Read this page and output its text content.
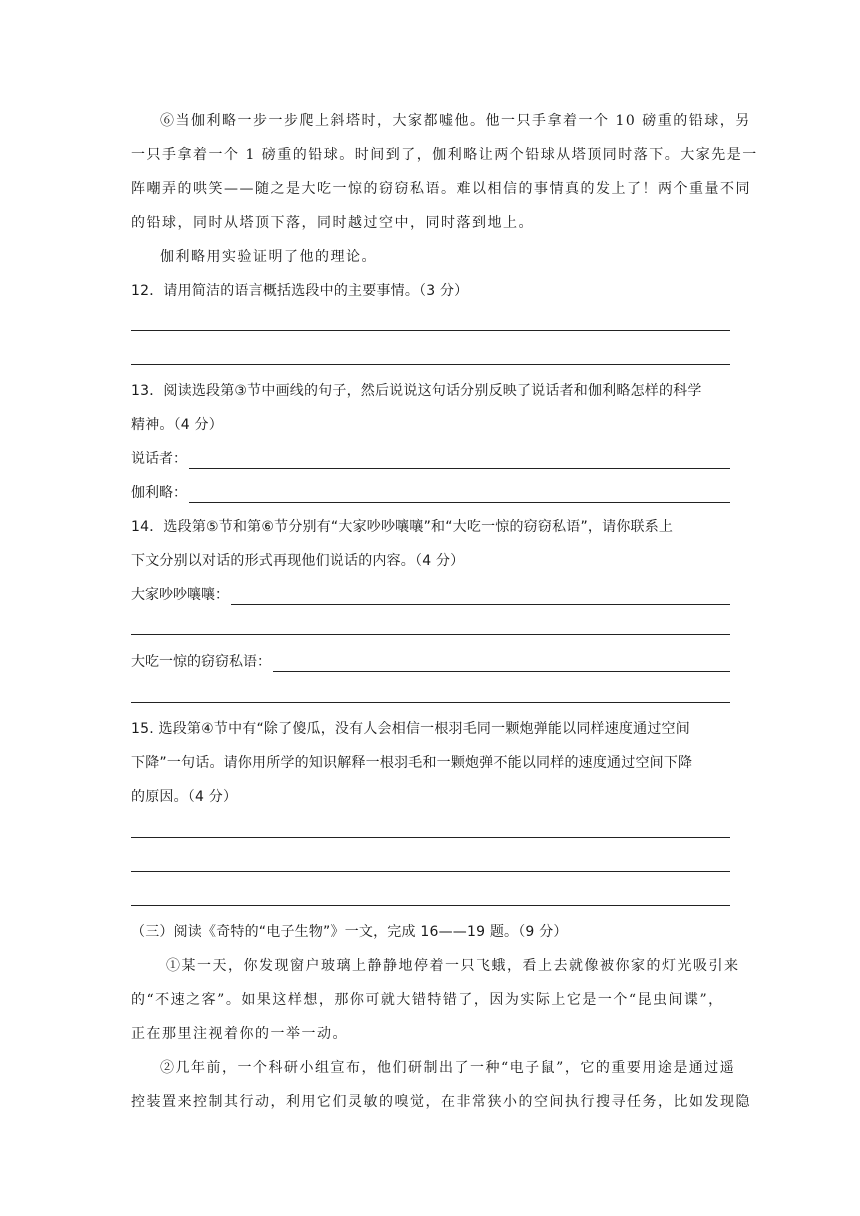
⑥当伽利略一步一步爬上斜塔时，大家都嘘他。他一只手拿着一个 10 磅重的铅球，另
一只手拿着一个 1 磅重的铅球。时间到了，伽利略让两个铅球从塔顶同时落下。大家先是一
阵嘲弄的哄笑——随之是大吃一惊的窃窃私语。难以相信的事情真的发上了！两个重量不同
的铅球，同时从塔顶下落，同时越过空中，同时落到地上。
伽利略用实验证明了他的理论。
12．请用简洁的语言概括选段中的主要事情。（3 分）
13．阅读选段第③节中画线的句子，然后说说这句话分别反映了说话者和伽利略怎样的科学
精神。（4 分）
说话者：
伽利略：
14．选段第⑤节和第⑥节分别有“大家吵吵嚷嚷”和“大吃一惊的窃窃私语”，请你联系上
下文分别以对话的形式再现他们说话的内容。（4 分）
大家吵吵嚷嚷：
大吃一惊的窃窃私语：
15. 选段第④节中有“除了傻瓜，没有人会相信一根羽毛同一颗炮弹能以同样速度通过空间
下降”一句话。请你用所学的知识解释一根羽毛和一颗炮弹不能以同样的速度通过空间下降
的原因。（4 分）
（三）阅读《奇特的“电子生物”》一文，完成 16——19 题。（9 分）
①某一天，你发现窗户玻璃上静静地停着一只飞蛾，看上去就像被你家的灯光吸引来
的“不速之客”。如果这样想，那你可就大错特错了，因为实际上它是一个“昆虫间谍”，
正在那里注视着你的一举一动。
②几年前，一个科研小组宣布，他们研制出了一种“电子鼠”，它的重要用途是通过遥
控装置来控制其行动，利用它们灵敏的嗅觉，在非常狭小的空间执行搜寻任务，比如发现隐
